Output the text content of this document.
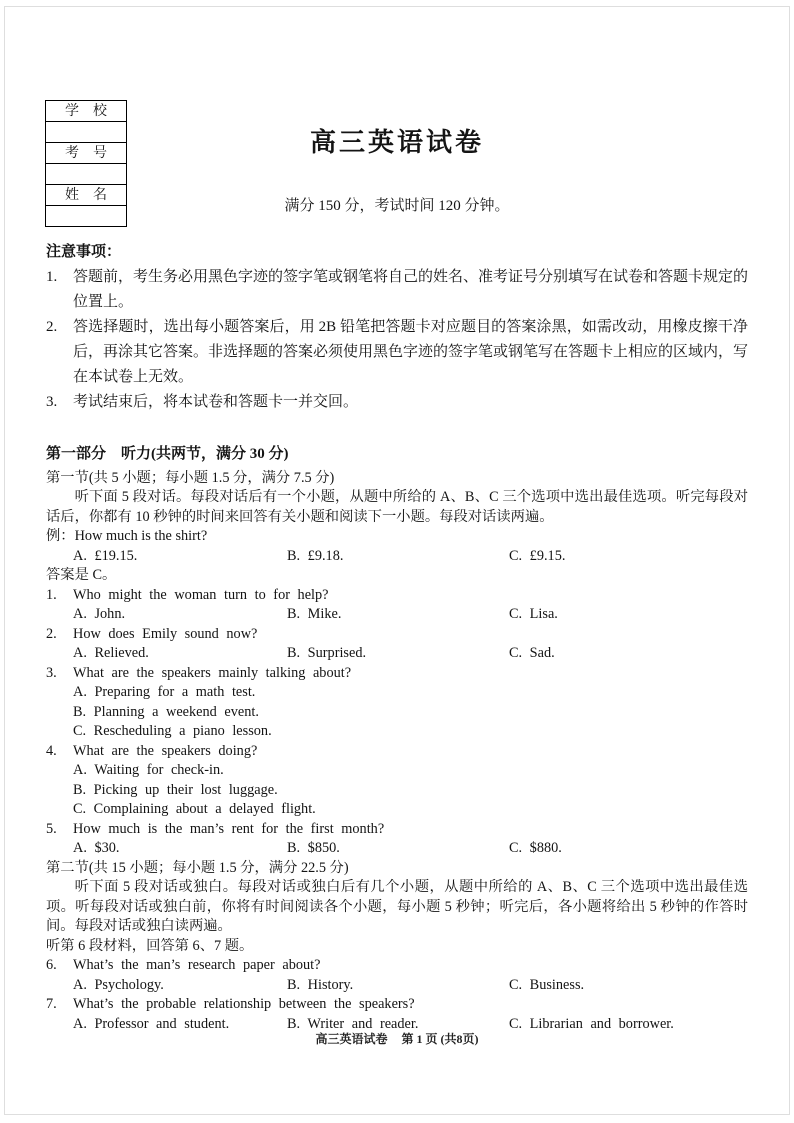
学　校
考　号
姓　名
高三英语试卷
满分 150 分，考试时间 120 分钟。
注意事项：
1.	答题前，考生务必用黑色字迹的签字笔或钢笔将自己的姓名、准考证号分别填写在试卷和答题卡规定的位置上。
2.	答选择题时，选出每小题答案后，用 2B 铅笔把答题卡对应题目的答案涂黑，如需改动，用橡皮擦干净后，再涂其它答案。非选择题的答案必须使用黑色字迹的签字笔或钢笔写在答题卡上相应的区域内，写在本试卷上无效。
3.	考试结束后，将本试卷和答题卡一并交回。
第一部分　听力(共两节，满分 30 分)
第一节(共 5 小题；每小题 1.5 分，满分 7.5 分)

听下面 5 段对话。每段对话后有一个小题，从题中所给的 A、B、C 三个选项中选出最佳选项。听完每段对话后，你都有 10 秒钟的时间来回答有关小题和阅读下一小题。每段对话读两遍。

例：How much is the shirt?
A. £19.15.	B. £9.18.	C. £9.15.
答案是 C。
1.	Who might the woman turn to for help?
A. John.	B. Mike.	C. Lisa.
2.	How does Emily sound now?
A. Relieved.	B. Surprised.	C. Sad.
3.	What are the speakers mainly talking about?
A. Preparing for a math test.
B. Planning a weekend event.
C. Rescheduling a piano lesson.
4.	What are the speakers doing?
A. Waiting for check-in.
B. Picking up their lost luggage.
C. Complaining about a delayed flight.
5.	How much is the man’s rent for the first month?
A. $30.	B. $850.	C. $880.
第二节(共 15 小题；每小题 1.5 分，满分 22.5 分)

听下面 5 段对话或独白。每段对话或独白后有几个小题，从题中所给的 A、B、C 三个选项中选出最佳选项。听每段对话或独白前，你将有时间阅读各个小题，每小题 5 秒钟；听完后，各小题将给出 5 秒钟的作答时间。每段对话或独白读两遍。

听第 6 段材料，回答第 6、7 题。
6.	What’s the man’s research paper about?
A. Psychology.	B. History.	C. Business.
7.	What’s the probable relationship between the speakers?
A. Professor and student.	B. Writer and reader.	C. Librarian and borrower.
高三英语试卷 第 1 页 (共8页)
